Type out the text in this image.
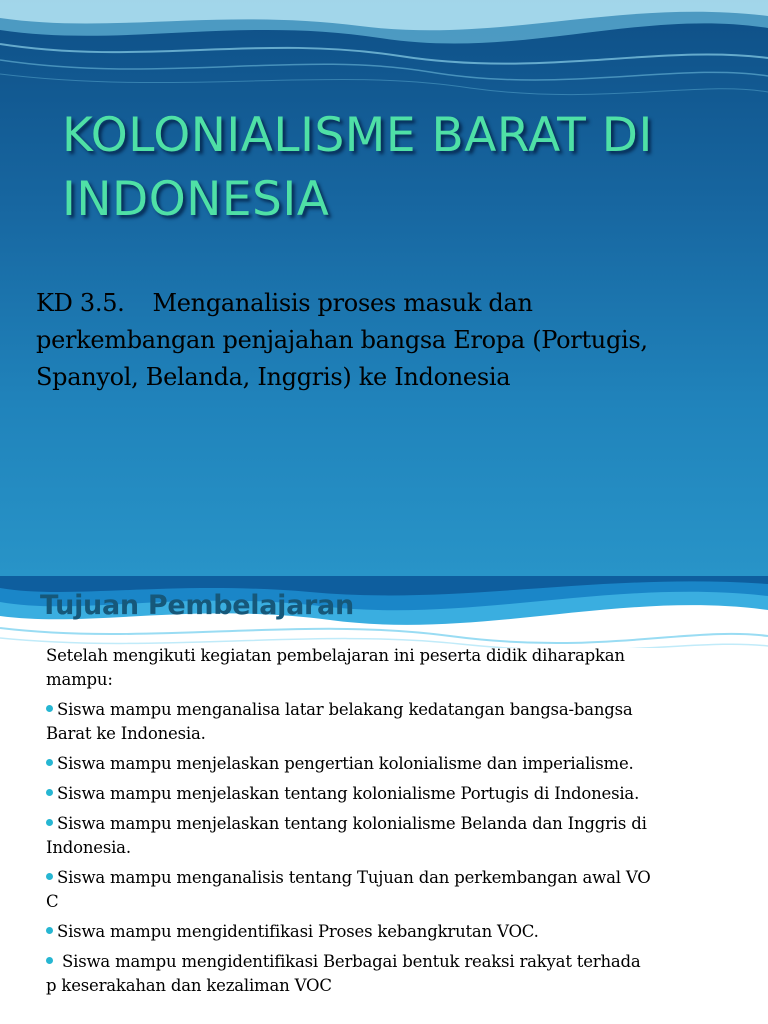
KOLONIALISME BARAT DI
INDONESIA
KD 3.5. Menganalisis proses masuk dan
perkembangan penjajahan bangsa Eropa (Portugis,
Spanyol, Belanda, Inggris) ke Indonesia
Tujuan Pembelajaran
Setelah mengikuti kegiatan pembelajaran ini peserta didik diharapkan
mampu:
Siswa mampu menganalisa latar belakang kedatangan bangsa-bangsa
Barat ke Indonesia.
Siswa mampu menjelaskan pengertian kolonialisme dan imperialisme.
Siswa mampu menjelaskan tentang kolonialisme Portugis di Indonesia.
Siswa mampu menjelaskan tentang kolonialisme Belanda dan Inggris di
Indonesia.
Siswa mampu menganalisis tentang Tujuan dan perkembangan awal VO
C
Siswa mampu mengidentifikasi Proses kebangkrutan VOC.
Siswa mampu mengidentifikasi Berbagai bentuk reaksi rakyat terhada
p keserakahan dan kezaliman VOC
